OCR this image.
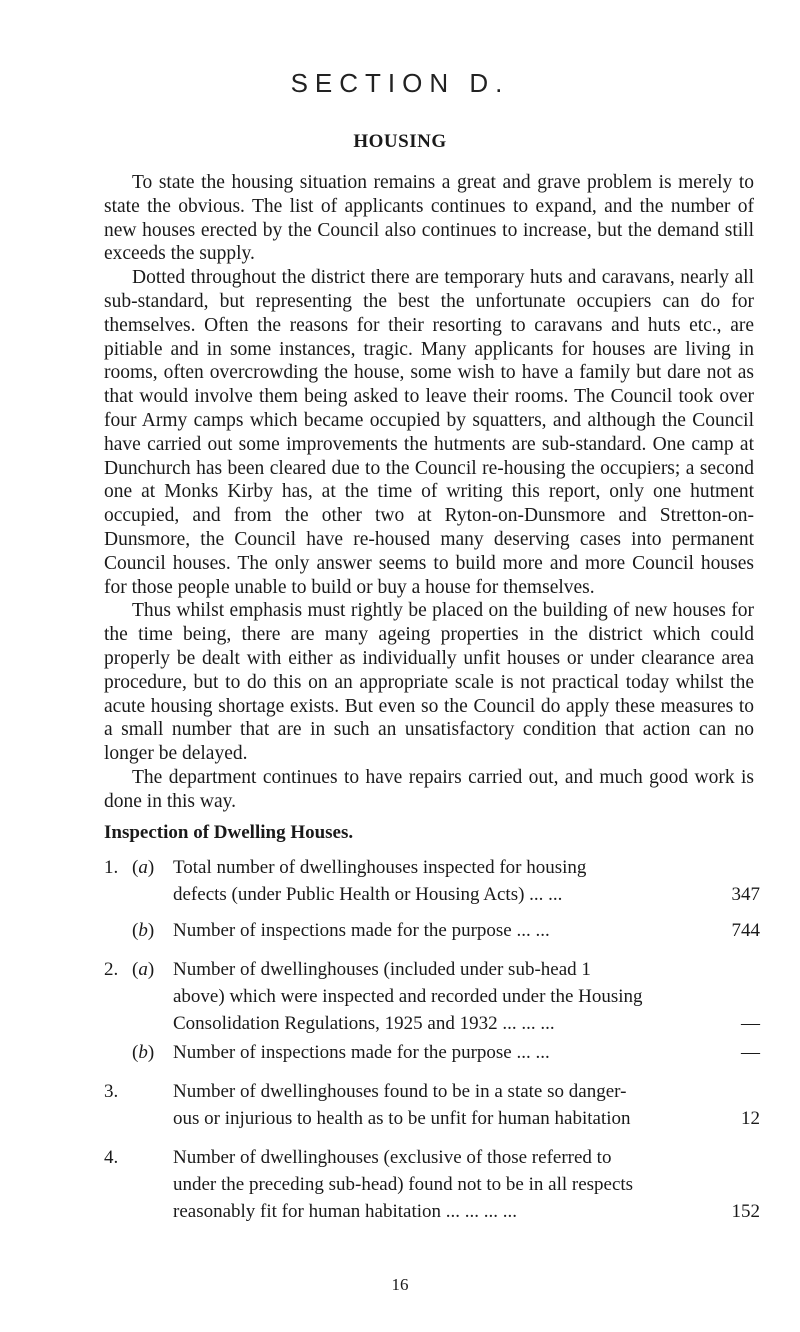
SECTION D.
HOUSING

To state the housing situation remains a great and grave problem is merely to state the obvious. The list of applicants continues to expand, and the number of new houses erected by the Council also continues to increase, but the demand still exceeds the supply.

Dotted throughout the district there are temporary huts and caravans, nearly all sub-standard, but representing the best the unfortunate occupiers can do for themselves. Often the reasons for their resorting to caravans and huts etc., are pitiable and in some instances, tragic. Many applicants for houses are living in rooms, often overcrowding the house, some wish to have a family but dare not as that would involve them being asked to leave their rooms. The Council took over four Army camps which became occupied by squatters, and although the Council have carried out some improvements the hutments are sub-standard. One camp at Dunchurch has been cleared due to the Council re-housing the occupiers; a second one at Monks Kirby has, at the time of writing this report, only one hutment occupied, and from the other two at Ryton-on-Dunsmore and Stretton-on-Dunsmore, the Council have re-housed many deserving cases into permanent Council houses. The only answer seems to build more and more Council houses for those people unable to build or buy a house for themselves.

Thus whilst emphasis must rightly be placed on the building of new houses for the time being, there are many ageing properties in the district which could properly be dealt with either as individually unfit houses or under clearance area procedure, but to do this on an appropriate scale is not practical today whilst the acute housing shortage exists. But even so the Council do apply these measures to a small number that are in such an unsatisfactory condition that action can no longer be delayed.

The department continues to have repairs carried out, and much good work is done in this way.

Inspection of Dwelling Houses.
1. (a) Total number of dwellinghouses inspected for housing
defects (under Public Health or Housing Acts) ... ...	347
(b) Number of inspections made for the purpose ... ...	744
2. (a) Number of dwellinghouses (included under sub-head 1
above) which were inspected and recorded under the Housing
Consolidation Regulations, 1925 and 1932 ... ... ...	—
(b) Number of inspections made for the purpose ... ...	—
3.	Number of dwellinghouses found to be in a state so danger-
ous or injurious to health as to be unfit for human habitation	12
4.	Number of dwellinghouses (exclusive of those referred to
under the preceding sub-head) found not to be in all respects
reasonably fit for human habitation ... ... ... ...	152
16
